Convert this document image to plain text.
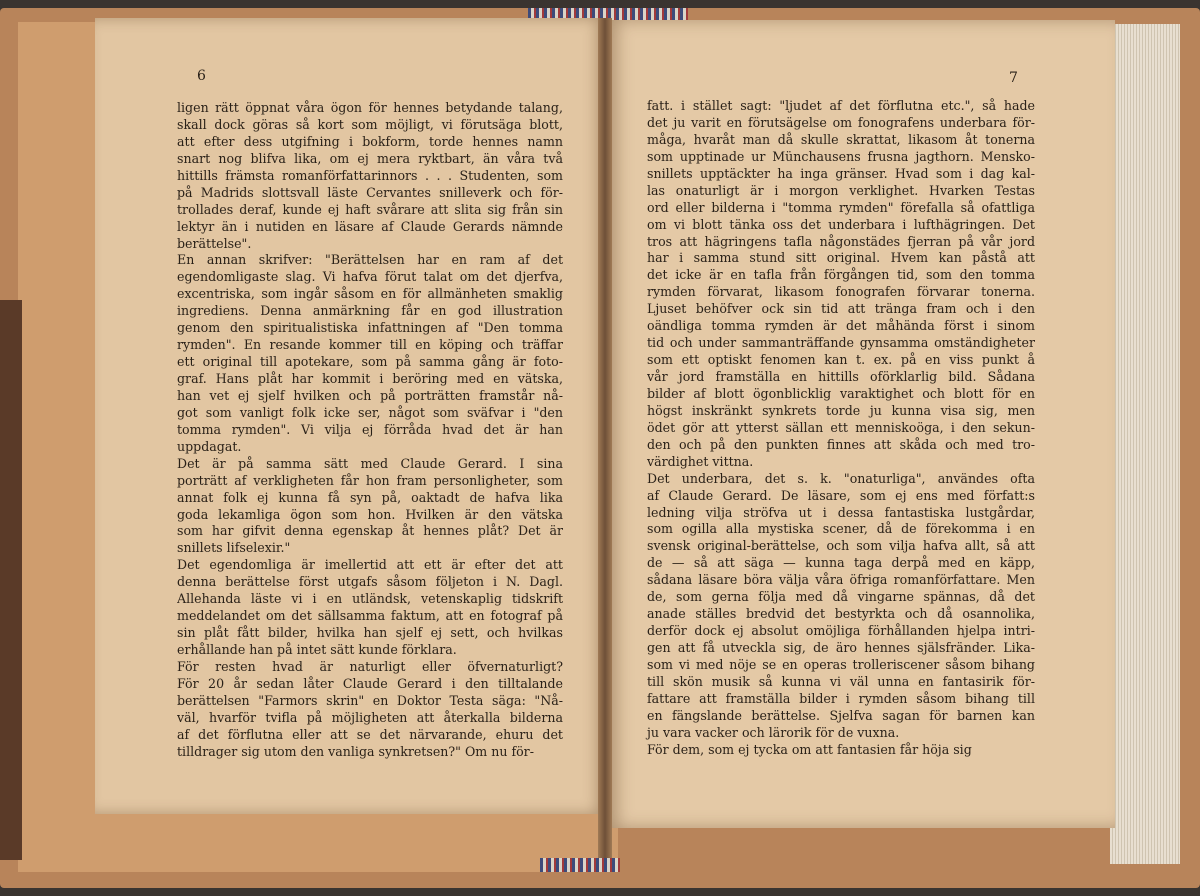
6
ligen rätt öppnat våra ögon för hennes betydande talang,
skall dock göras så kort som möjligt, vi förutsäga blott,
att efter dess utgifning i bokform, torde hennes namn
snart nog blifva lika, om ej mera ryktbart, än våra två
hittills främsta romanförfattarinnors . . . Studenten, som
på Madrids slottsvall läste Cervantes snilleverk och för-
trollades deraf, kunde ej haft svårare att slita sig från sin
lektyr än i nutiden en läsare af Claude Gerards nämnde
berättelse".
En annan skrifver: "Berättelsen har en ram af det
egendomligaste slag. Vi hafva förut talat om det djerfva,
excentriska, som ingår såsom en för allmänheten smaklig
ingrediens. Denna anmärkning får en god illustration
genom den spiritualistiska infattningen af "Den tomma
rymden". En resande kommer till en köping och träffar
ett original till apotekare, som på samma gång är foto-
graf. Hans plåt har kommit i beröring med en vätska,
han vet ej sjelf hvilken och på porträtten framstår nå-
got som vanligt folk icke ser, något som sväfvar i "den
tomma rymden". Vi vilja ej förråda hvad det är han
uppdagat.
Det är på samma sätt med Claude Gerard. I sina
porträtt af verkligheten får hon fram personligheter, som
annat folk ej kunna få syn på, oaktadt de hafva lika
goda lekamliga ögon som hon. Hvilken är den vätska
som har gifvit denna egenskap åt hennes plåt? Det är
snillets lifselexir."
Det egendomliga är imellertid att ett är efter det att
denna berättelse först utgafs såsom följeton i N. Dagl.
Allehanda läste vi i en utländsk, vetenskaplig tidskrift
meddelandet om det sällsamma faktum, att en fotograf på
sin plåt fått bilder, hvilka han sjelf ej sett, och hvilkas
erhållande han på intet sätt kunde förklara.
För resten hvad är naturligt eller öfvernaturligt?
För 20 år sedan låter Claude Gerard i den tilltalande
berättelsen "Farmors skrin" en Doktor Testa säga: "Nå-
väl, hvarför tvifla på möjligheten att återkalla bilderna
af det förflutna eller att se det närvarande, ehuru det
tilldrager sig utom den vanliga synkretsen?" Om nu för-
7
fatt. i stället sagt: "ljudet af det förflutna etc.", så hade
det ju varit en förutsägelse om fonografens underbara för-
måga, hvaråt man då skulle skrattat, likasom åt tonerna
som upptinade ur Münchausens frusna jagthorn. Mensko-
snillets upptäckter ha inga gränser. Hvad som i dag kal-
las onaturligt är i morgon verklighet. Hvarken Testas
ord eller bilderna i "tomma rymden" förefalla så ofattliga
om vi blott tänka oss det underbara i lufthägringen. Det
tros att hägringens tafla någonstädes fjerran på vår jord
har i samma stund sitt original. Hvem kan påstå att
det icke är en tafla från förgången tid, som den tomma
rymden förvarat, likasom fonografen förvarar tonerna.
Ljuset behöfver ock sin tid att tränga fram och i den
oändliga tomma rymden är det måhända först i sinom
tid och under sammanträffande gynsamma omständigheter
som ett optiskt fenomen kan t. ex. på en viss punkt å
vår jord framställa en hittills oförklarlig bild. Sådana
bilder af blott ögonblicklig varaktighet och blott för en
högst inskränkt synkrets torde ju kunna visa sig, men
ödet gör att ytterst sällan ett menniskoöga, i den sekun-
den och på den punkten finnes att skåda och med tro-
värdighet vittna.
Det underbara, det s. k. "onaturliga", användes ofta
af Claude Gerard. De läsare, som ej ens med författ:s
ledning vilja ströfva ut i dessa fantastiska lustgårdar,
som ogilla alla mystiska scener, då de förekomma i en
svensk original-berättelse, och som vilja hafva allt, så att
de — så att säga — kunna taga derpå med en käpp,
sådana läsare böra välja våra öfriga romanförfattare. Men
de, som gerna följa med då vingarne spännas, då det
anade ställes bredvid det bestyrkta och då osannolika,
derför dock ej absolut omöjliga förhållanden hjelpa intri-
gen att få utveckla sig, de äro hennes själsfränder. Lika-
som vi med nöje se en operas trolleriscener såsom bihang
till skön musik så kunna vi väl unna en fantasirik för-
fattare att framställa bilder i rymden såsom bihang till
en fängslande berättelse. Sjelfva sagan för barnen kan
ju vara vacker och lärorik för de vuxna.
För dem, som ej tycka om att fantasien får höja sig
